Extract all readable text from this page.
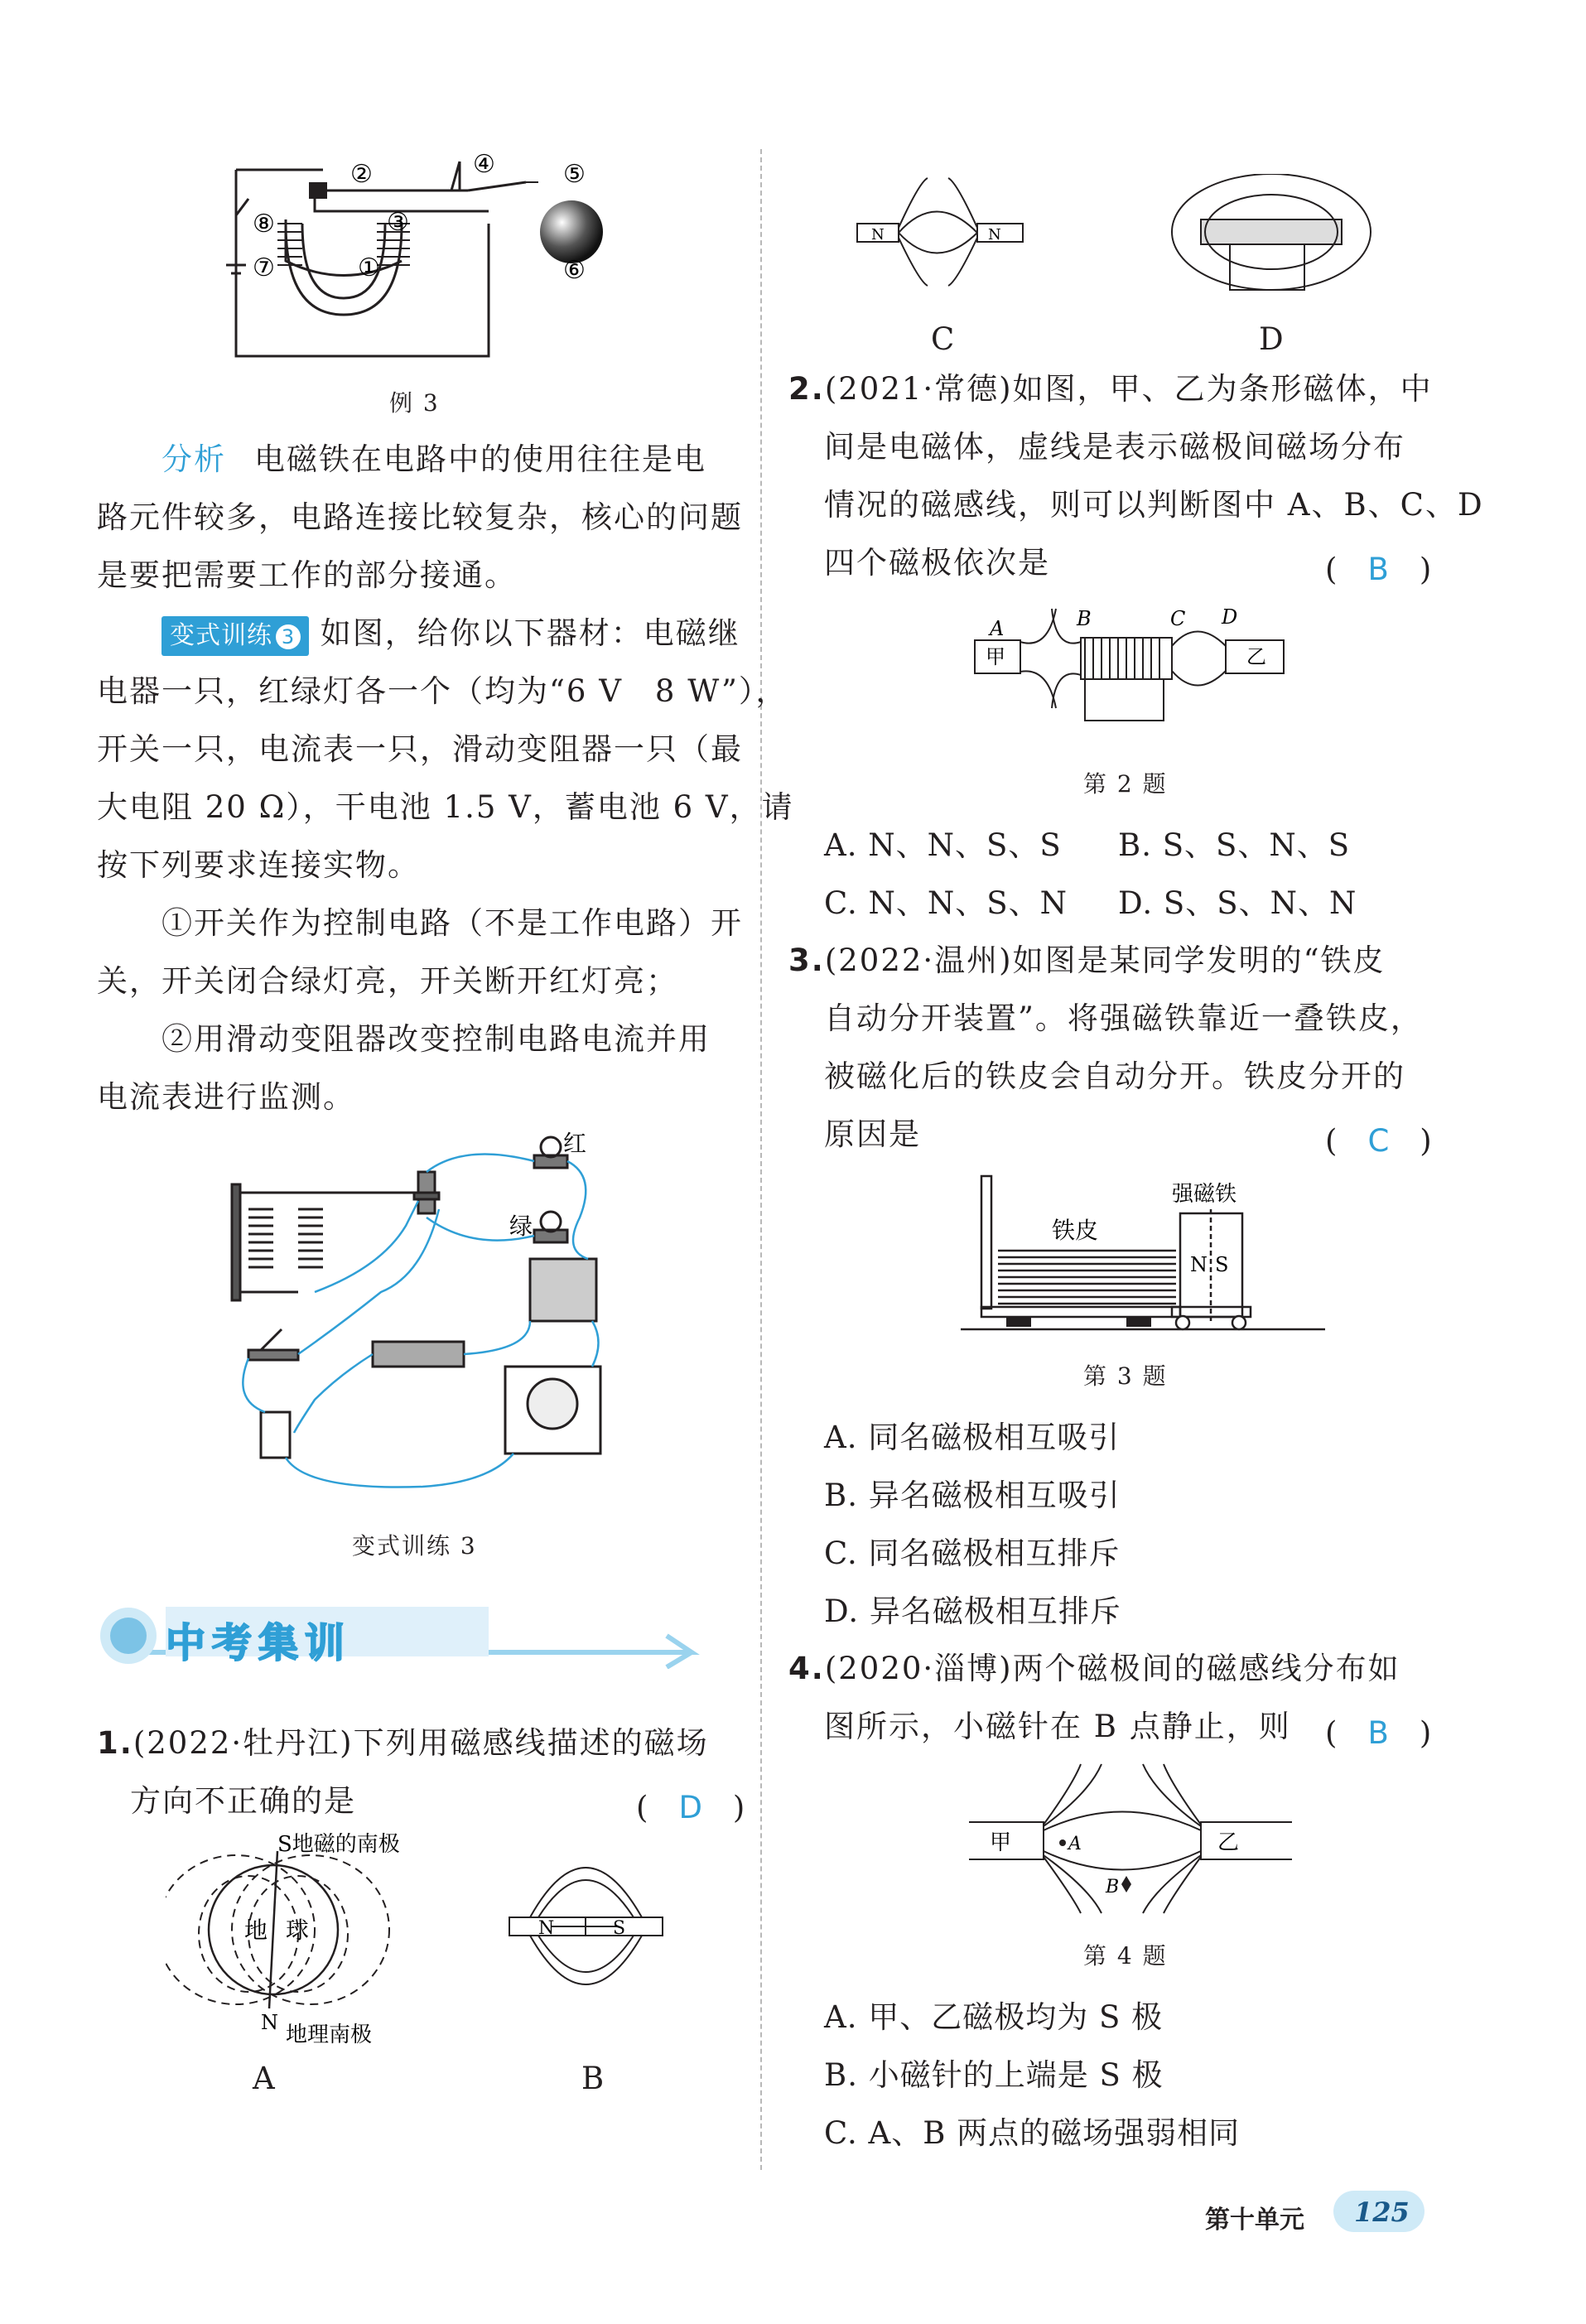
②	④
③
①
⑤
⑥
⑦
⑧
例 3
分析 电磁铁在电路中的使用往往是电
路元件较多，电路连接比较复杂，核心的问题
是要把需要工作的部分接通。
变式训练 3 如图，给你以下器材：电磁继
电器一只，红绿灯各一个（均为“6 V　8 W”），
开关一只，电流表一只，滑动变阻器一只（最
大电阻 20 Ω），干电池 1.5 V，蓄电池 6 V，请
按下列要求连接实物。
①开关作为控制电路（不是工作电路）开
关，开关闭合绿灯亮，开关断开红灯亮；
②用滑动变阻器改变控制电路电流并用
电流表进行监测。
红
绿
变式训练 3
中考集训
1.(2022·牡丹江)下列用磁感线描述的磁场
方向不正确的是	(　D　)
S地磁的南极
地 球
N 地理南极
N	S
A	B
N	N
C	D
2.(2021·常德)如图，甲、乙为条形磁体，中
间是电磁体，虚线是表示磁极间磁场分布
情况的磁感线，则可以判断图中 A、B、C、D
四个磁极依次是	(　B　)
A	B	C D
甲	乙
第 2 题
A. N、N、S、S B. S、S、N、S
C. N、N、S、N D. S、S、N、N
3.(2022·温州)如图是某同学发明的“铁皮
自动分开装置”。将强磁铁靠近一叠铁皮，
被磁化后的铁皮会自动分开。铁皮分开的
原因是	(　C　)
铁皮
强磁铁
N S
第 3 题
A. 同名磁极相互吸引
B. 异名磁极相互吸引
C. 同名磁极相互排斥
D. 异名磁极相互排斥
4.(2020·淄博)两个磁极间的磁感线分布如
图所示，小磁针在 B 点静止，则 (　B　)
甲	乙
A
B
第 4 题
A. 甲、乙磁极均为 S 极
B. 小磁针的上端是 S 极
C. A、B 两点的磁场强弱相同
第十单元 125
